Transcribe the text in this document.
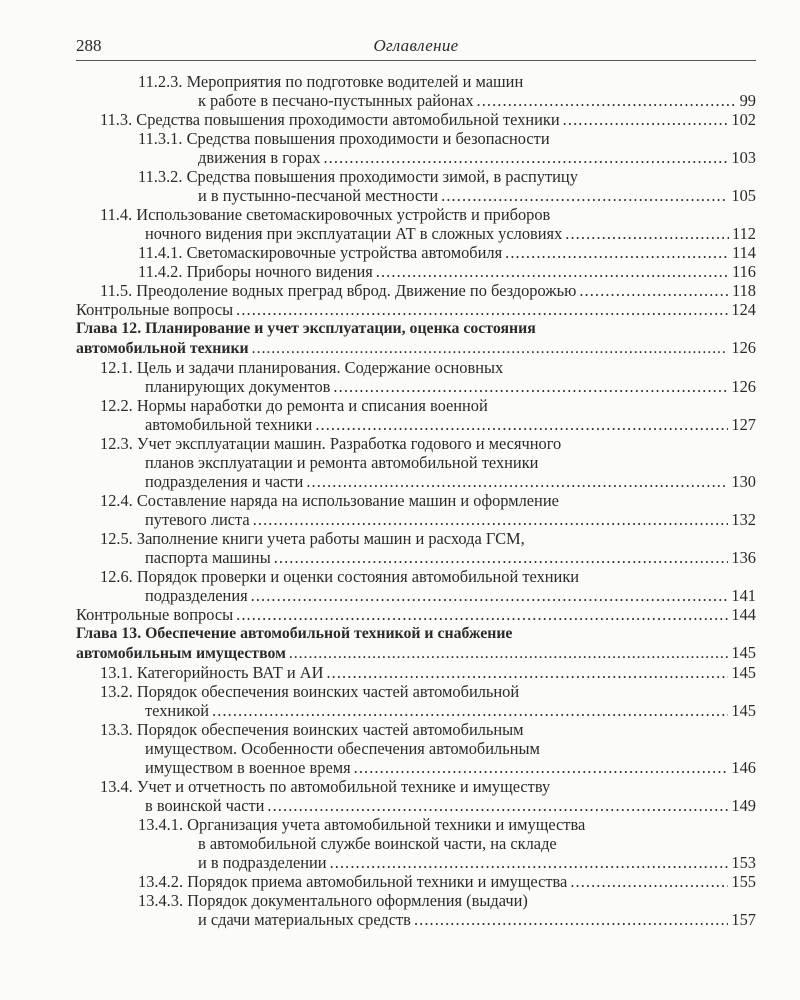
288	Оглавление
11.2.3. Мероприятия по подготовке водителей и машин
к работе в песчано-пустынных районах . . .	99
11.3. Средства повышения проходимости автомобильной техники . . .	102
11.3.1. Средства повышения проходимости и безопасности
движения в горах . . .	103
11.3.2. Средства повышения проходимости зимой, в распутицу
и в пустынно-песчаной местности . . .	105
11.4. Использование светомаскировочных устройств и приборов
ночного видения при эксплуатации АТ в сложных условиях . . .	112
11.4.1. Светомаскировочные устройства автомобиля . . .	114
11.4.2. Приборы ночного видения . . .	116
11.5. Преодоление водных преград вброд. Движение по бездорожью . . .	118
Контрольные вопросы . . .	124
Глава 12. Планирование и учет эксплуатации, оценка состояния
автомобильной техники . . .	126
12.1. Цель и задачи планирования. Содержание основных
планирующих документов . . .	126
12.2. Нормы наработки до ремонта и списания военной
автомобильной техники . . .	127
12.3. Учет эксплуатации машин. Разработка годового и месячного
планов эксплуатации и ремонта автомобильной техники
подразделения и части . . .	130
12.4. Составление наряда на использование машин и оформление
путевого листа . . .	132
12.5. Заполнение книги учета работы машин и расхода ГСМ,
паспорта машины . . .	136
12.6. Порядок проверки и оценки состояния автомобильной техники
подразделения . . .	141
Контрольные вопросы . . .	144
Глава 13. Обеспечение автомобильной техникой и снабжение
автомобильным имуществом . . .	145
13.1. Категорийность ВАТ и АИ . . .	145
13.2. Порядок обеспечения воинских частей автомобильной
техникой . . .	145
13.3. Порядок обеспечения воинских частей автомобильным
имуществом. Особенности обеспечения автомобильным
имуществом в военное время . . .	146
13.4. Учет и отчетность по автомобильной технике и имуществу
в воинской части . . .	149
13.4.1. Организация учета автомобильной техники и имущества
в автомобильной службе воинской части, на складе
и в подразделении . . .	153
13.4.2. Порядок приема автомобильной техники и имущества . . .	155
13.4.3. Порядок документального оформления (выдачи)
и сдачи материальных средств . . .	157
